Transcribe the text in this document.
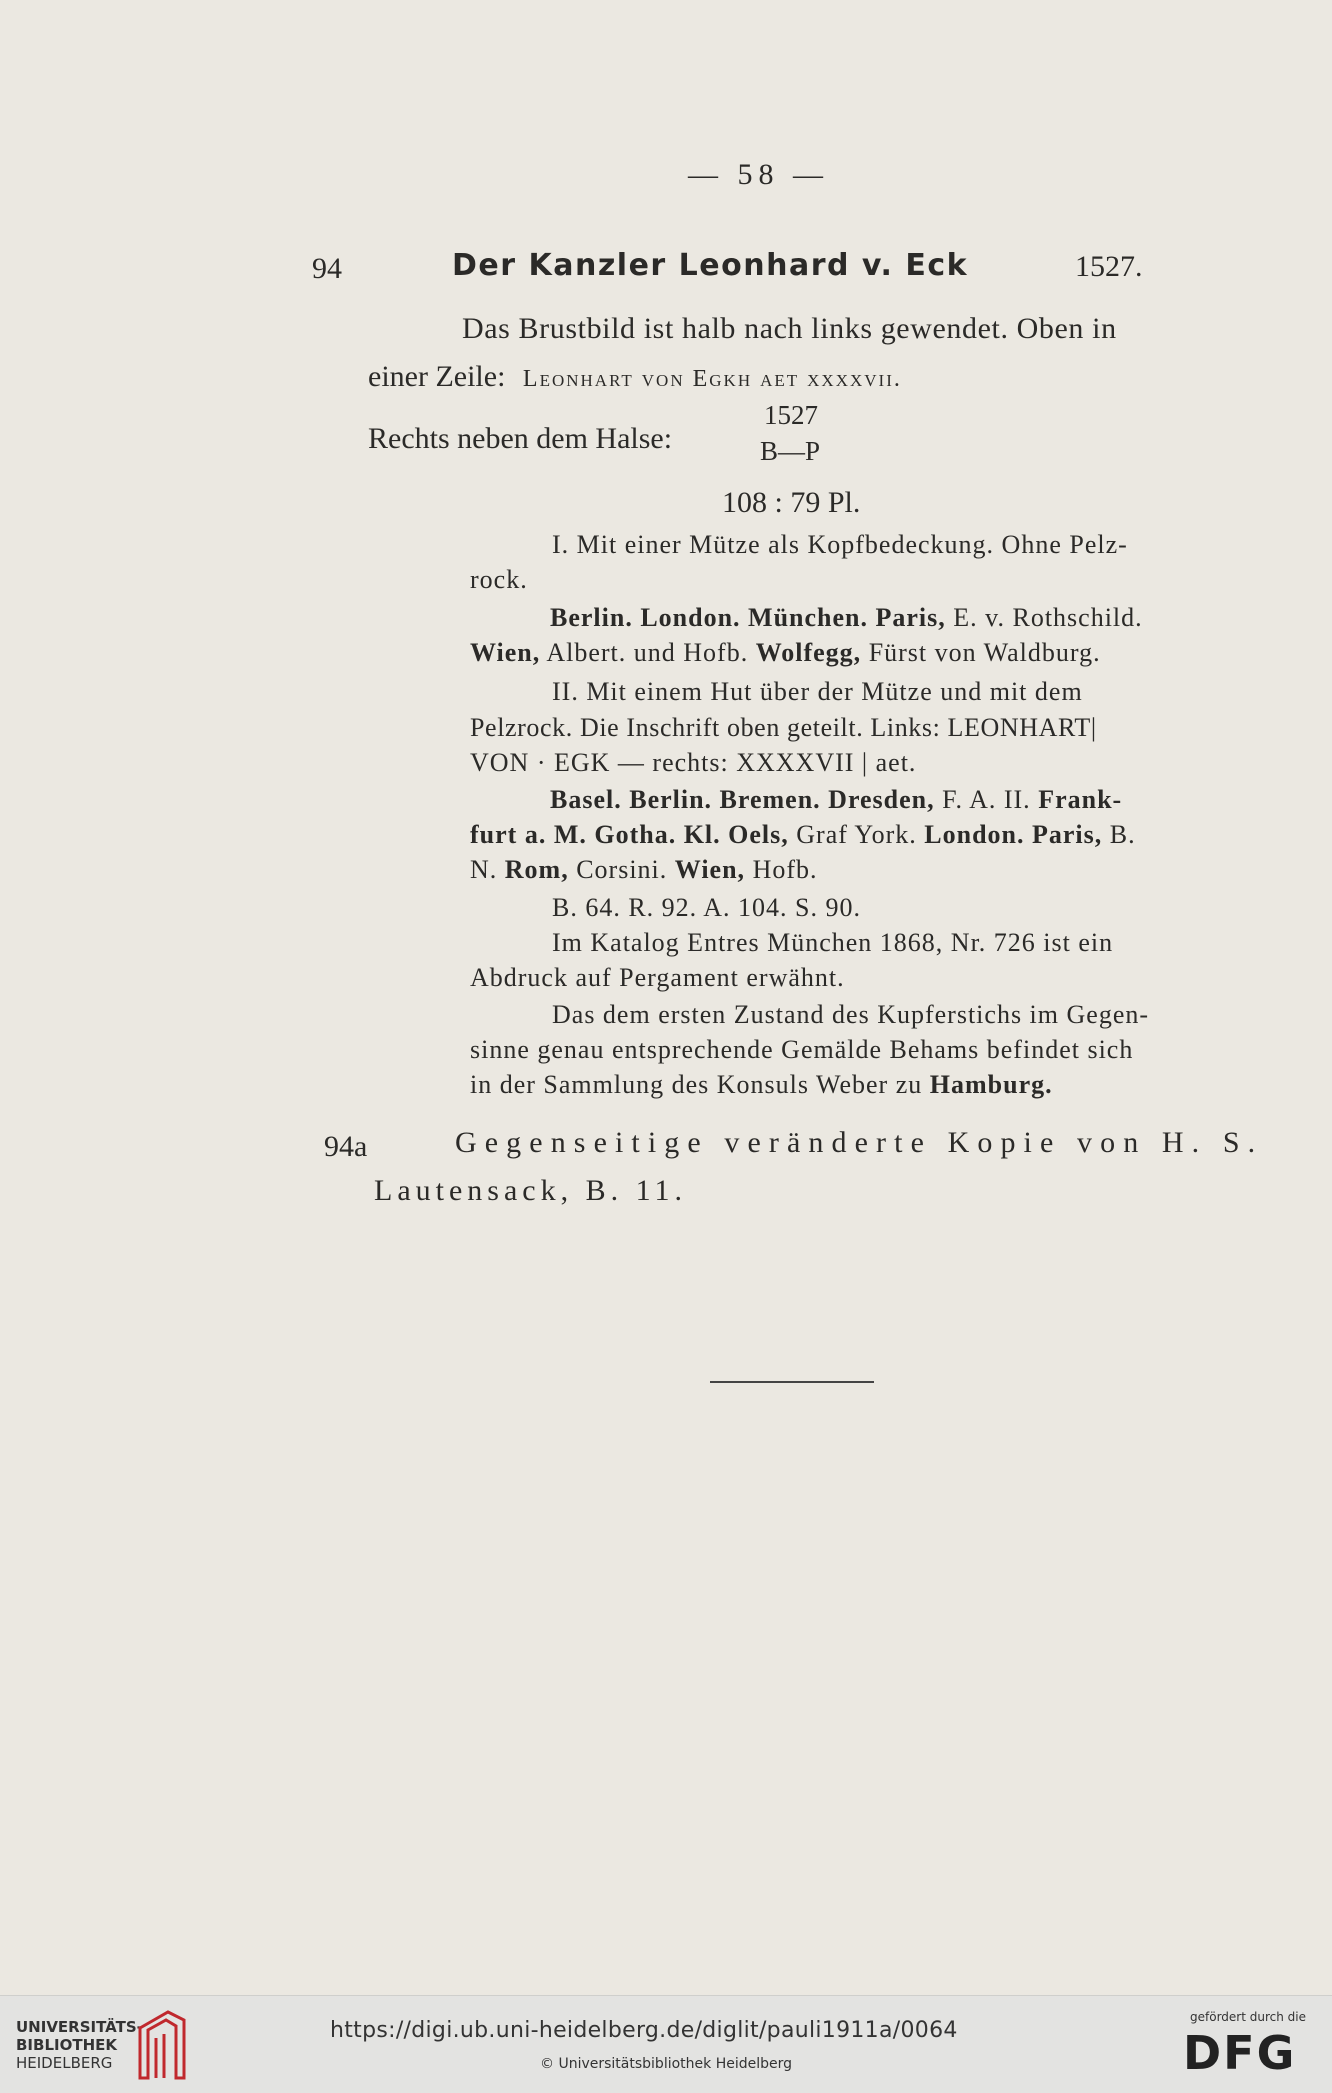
— 58 —
94	Der Kanzler Leonhard v. Eck	1527.
Das Brustbild ist halb nach links gewendet. Oben in
einer Zeile: Leonhart von Egkh aet xxxxvii.
Rechts neben dem Halse:
1527
B—P
108 : 79 Pl.
I. Mit einer Mütze als Kopfbedeckung. Ohne Pelz-
rock.
Berlin. London. München. Paris, E. v. Rothschild.
Wien, Albert. und Hofb. Wolfegg, Fürst von Waldburg.
II. Mit einem Hut über der Mütze und mit dem
Pelzrock. Die Inschrift oben geteilt. Links: LEONHART|
VON · EGK — rechts: XXXXVII | aet.
Basel. Berlin. Bremen. Dresden, F. A. II. Frank-
furt a. M. Gotha. Kl. Oels, Graf York. London. Paris, B.
N. Rom, Corsini. Wien, Hofb.
B. 64. R. 92. A. 104. S. 90.
Im Katalog Entres München 1868, Nr. 726 ist ein
Abdruck auf Pergament erwähnt.
Das dem ersten Zustand des Kupferstichs im Gegen-
sinne genau entsprechende Gemälde Behams befindet sich
in der Sammlung des Konsuls Weber zu Hamburg.
94a	Gegenseitige veränderte Kopie von H. S.
Lautensack, B. 11.
UNIVERSITÄTS-
BIBLIOTHEK
HEIDELBERG
https://digi.ub.uni-heidelberg.de/diglit/pauli1911a/0064
© Universitätsbibliothek Heidelberg
gefördert durch die
DFG
